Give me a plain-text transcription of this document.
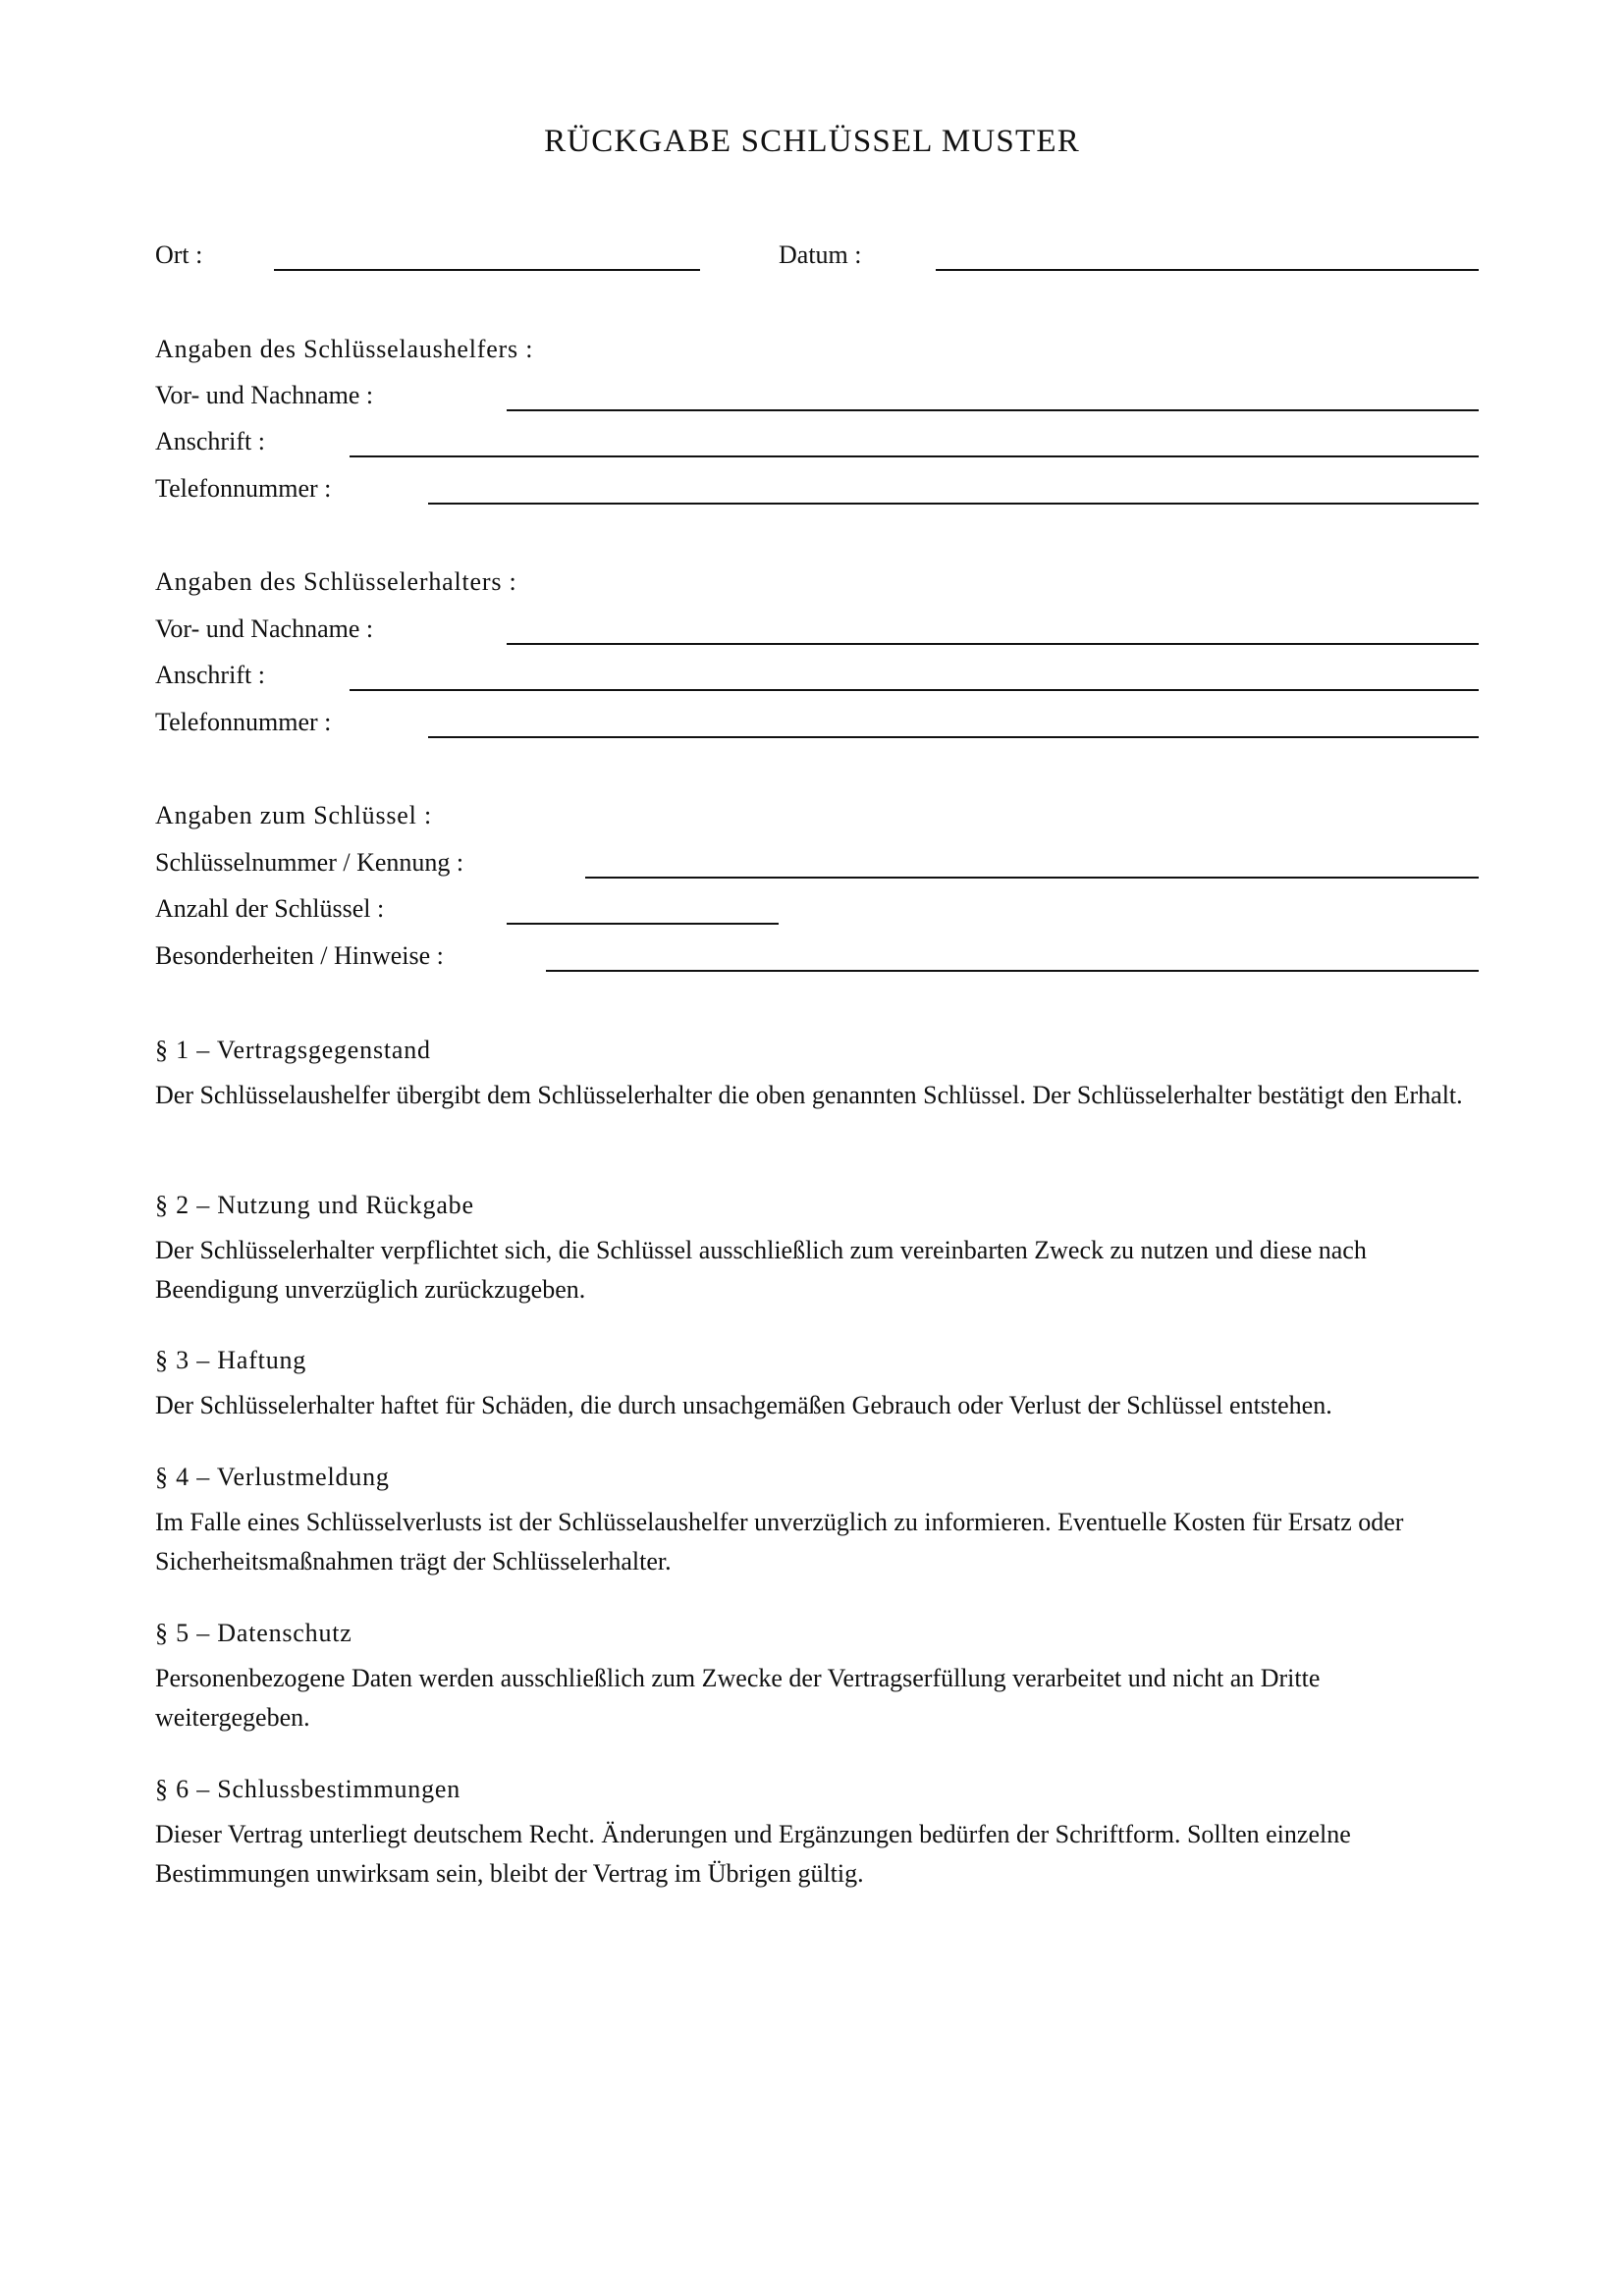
RÜCKGABE SCHLÜSSEL MUSTER
Ort :	Datum :
Angaben des Schlüsselaushelfers :
Vor- und Nachname :
Anschrift :
Telefonnummer :
Angaben des Schlüsselerhalters :
Vor- und Nachname :
Anschrift :
Telefonnummer :
Angaben zum Schlüssel :
Schlüsselnummer / Kennung :
Anzahl der Schlüssel :
Besonderheiten / Hinweise :
§ 1 – Vertragsgegenstand
Der Schlüsselaushelfer übergibt dem Schlüsselerhalter die oben genannten Schlüssel. Der Schlüsselerhalter bestätigt den Erhalt.
§ 2 – Nutzung und Rückgabe
Der Schlüsselerhalter verpflichtet sich, die Schlüssel ausschließlich zum vereinbarten Zweck zu nutzen und diese nach Beendigung unverzüglich zurückzugeben.
§ 3 – Haftung
Der Schlüsselerhalter haftet für Schäden, die durch unsachgemäßen Gebrauch oder Verlust der Schlüssel entstehen.
§ 4 – Verlustmeldung
Im Falle eines Schlüsselverlusts ist der Schlüsselaushelfer unverzüglich zu informieren. Eventuelle Kosten für Ersatz oder Sicherheitsmaßnahmen trägt der Schlüsselerhalter.
§ 5 – Datenschutz
Personenbezogene Daten werden ausschließlich zum Zwecke der Vertragserfüllung verarbeitet und nicht an Dritte weitergegeben.
§ 6 – Schlussbestimmungen
Dieser Vertrag unterliegt deutschem Recht. Änderungen und Ergänzungen bedürfen der Schriftform. Sollten einzelne Bestimmungen unwirksam sein, bleibt der Vertrag im Übrigen gültig.
